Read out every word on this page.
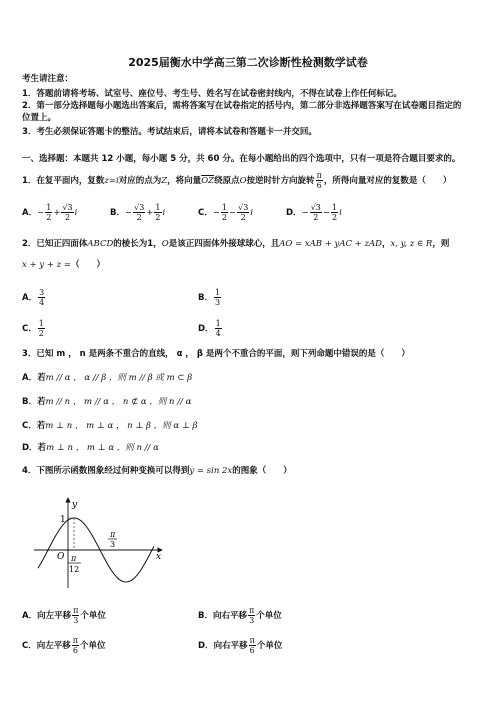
2025届衡水中学高三第二次诊断性检测数学试卷
考生请注意：
1．答题前请将考场、试室号、座位号、考生号、姓名写在试卷密封线内，不得在试卷上作任何标记。
2．第一部分选择题每小题选出答案后，需将答案写在试卷指定的括号内，第二部分非选择题答案写在试卷题目指定的
位置上。
3．考生必须保证答题卡的整洁。考试结束后，请将本试卷和答题卡一并交回。
一、选择题：本题共 12 小题，每小题 5 分，共 60 分。在每小题给出的四个选项中，只有一项是符合题目要求的。
1．在复平面内，复数z=i对应的点为Z，将向量$\overline{OZ}$绕原点O按逆时针方向旋转 $\frac{\pi}{6}$ ，所得向量对应的复数是（　　）
A．− $\frac{1}{2} + \frac{√3}{2}$ i	B．− $\frac{√3}{2} + \frac{1}{2}$ i	C．− $\frac{1}{2} - \frac{√3}{2}$ i	D．− $\frac{√3}{2} - \frac{1}{2}$ i
2．已知正四面体ABCD的棱长为1，O是该正四面体外接球球心，且AO = xAB + yAC + zAD，x, y, z ∈ R，则
x + y + z =（　　）
A． $\frac{3}{4}$	B． $\frac{1}{3}$
C． $\frac{1}{2}$	D． $\frac{1}{4}$
3．已知 m ， n 是两条不重合的直线， α ， β 是两个不重合的平面，则下列命题中错误的是（　　）
A．若m // α ， α // β ，则 m // β 或 m ⊂ β
B．若m // n ， m // α ， n ⊄ α ，则 n // α
C．若m ⊥ n ， m ⊥ α ， n ⊥ β ，则 α ⊥ β
D．若m ⊥ n ， m ⊥ α ，则 n // α
4．下图所示函数图象经过何种变换可以得到y = sin 2x的图象（　　）
y
x
O
1
π
3
π
12
A．向左平移 $\frac{\pi}{3}$ 个单位	B．向右平移 $\frac{\pi}{3}$ 个单位
C．向左平移 $\frac{\pi}{6}$ 个单位	D．向右平移 $\frac{\pi}{6}$ 个单位
